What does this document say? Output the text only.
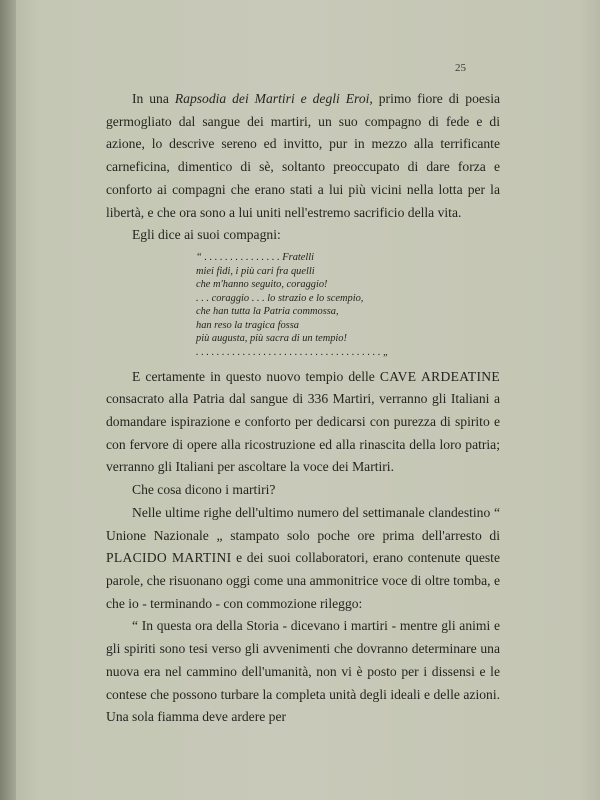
25

In una Rapsodia dei Martiri e degli Eroi, primo fiore di poesia germogliato dal sangue dei martiri, un suo compagno di fede e di azione, lo descrive sereno ed invitto, pur in mezzo alla terrificante carneficina, dimentico di sè, soltanto preoccupato di dare forza e conforto ai compagni che erano stati a lui più vicini nella lotta per la libertà, e che ora sono a lui uniti nell'estremo sacrificio della vita.

Egli dice ai suoi compagni:

“ . . . . . . . . . . . . . . . Fratelli
miei fidi, i più cari fra quelli
che m'hanno seguito, coraggio!
. . . coraggio . . . lo strazio e lo scempio,
che han tutta la Patria commossa,
han reso la tragica fossa
più augusta, più sacra di un tempio!
. . . . . . . . . . . . . . . . . . . . . . . . . . . . . . . . . . . . „

E certamente in questo nuovo tempio delle CAVE ARDEATINE consacrato alla Patria dal sangue di 336 Martiri, verranno gli Italiani a domandare ispirazione e conforto per dedicarsi con purezza di spirito e con fervore di opere alla ricostruzione ed alla rinascita della loro patria; verranno gli Italiani per ascoltare la voce dei Martiri.

Che cosa dicono i martiri?

Nelle ultime righe dell'ultimo numero del settimanale clandestino “ Unione Nazionale „ stampato solo poche ore prima dell'arresto di PLACIDO MARTINI e dei suoi collaboratori, erano contenute queste parole, che risuonano oggi come una ammonitrice voce di oltre tomba, e che io - terminando - con commozione rileggo:

“ In questa ora della Storia - dicevano i martiri - mentre gli animi e gli spiriti sono tesi verso gli avvenimenti che dovranno determinare una nuova era nel cammino dell'umanità, non vi è posto per i dissensi e le contese che possono turbare la completa unità degli ideali e delle azioni. Una sola fiamma deve ardere per
